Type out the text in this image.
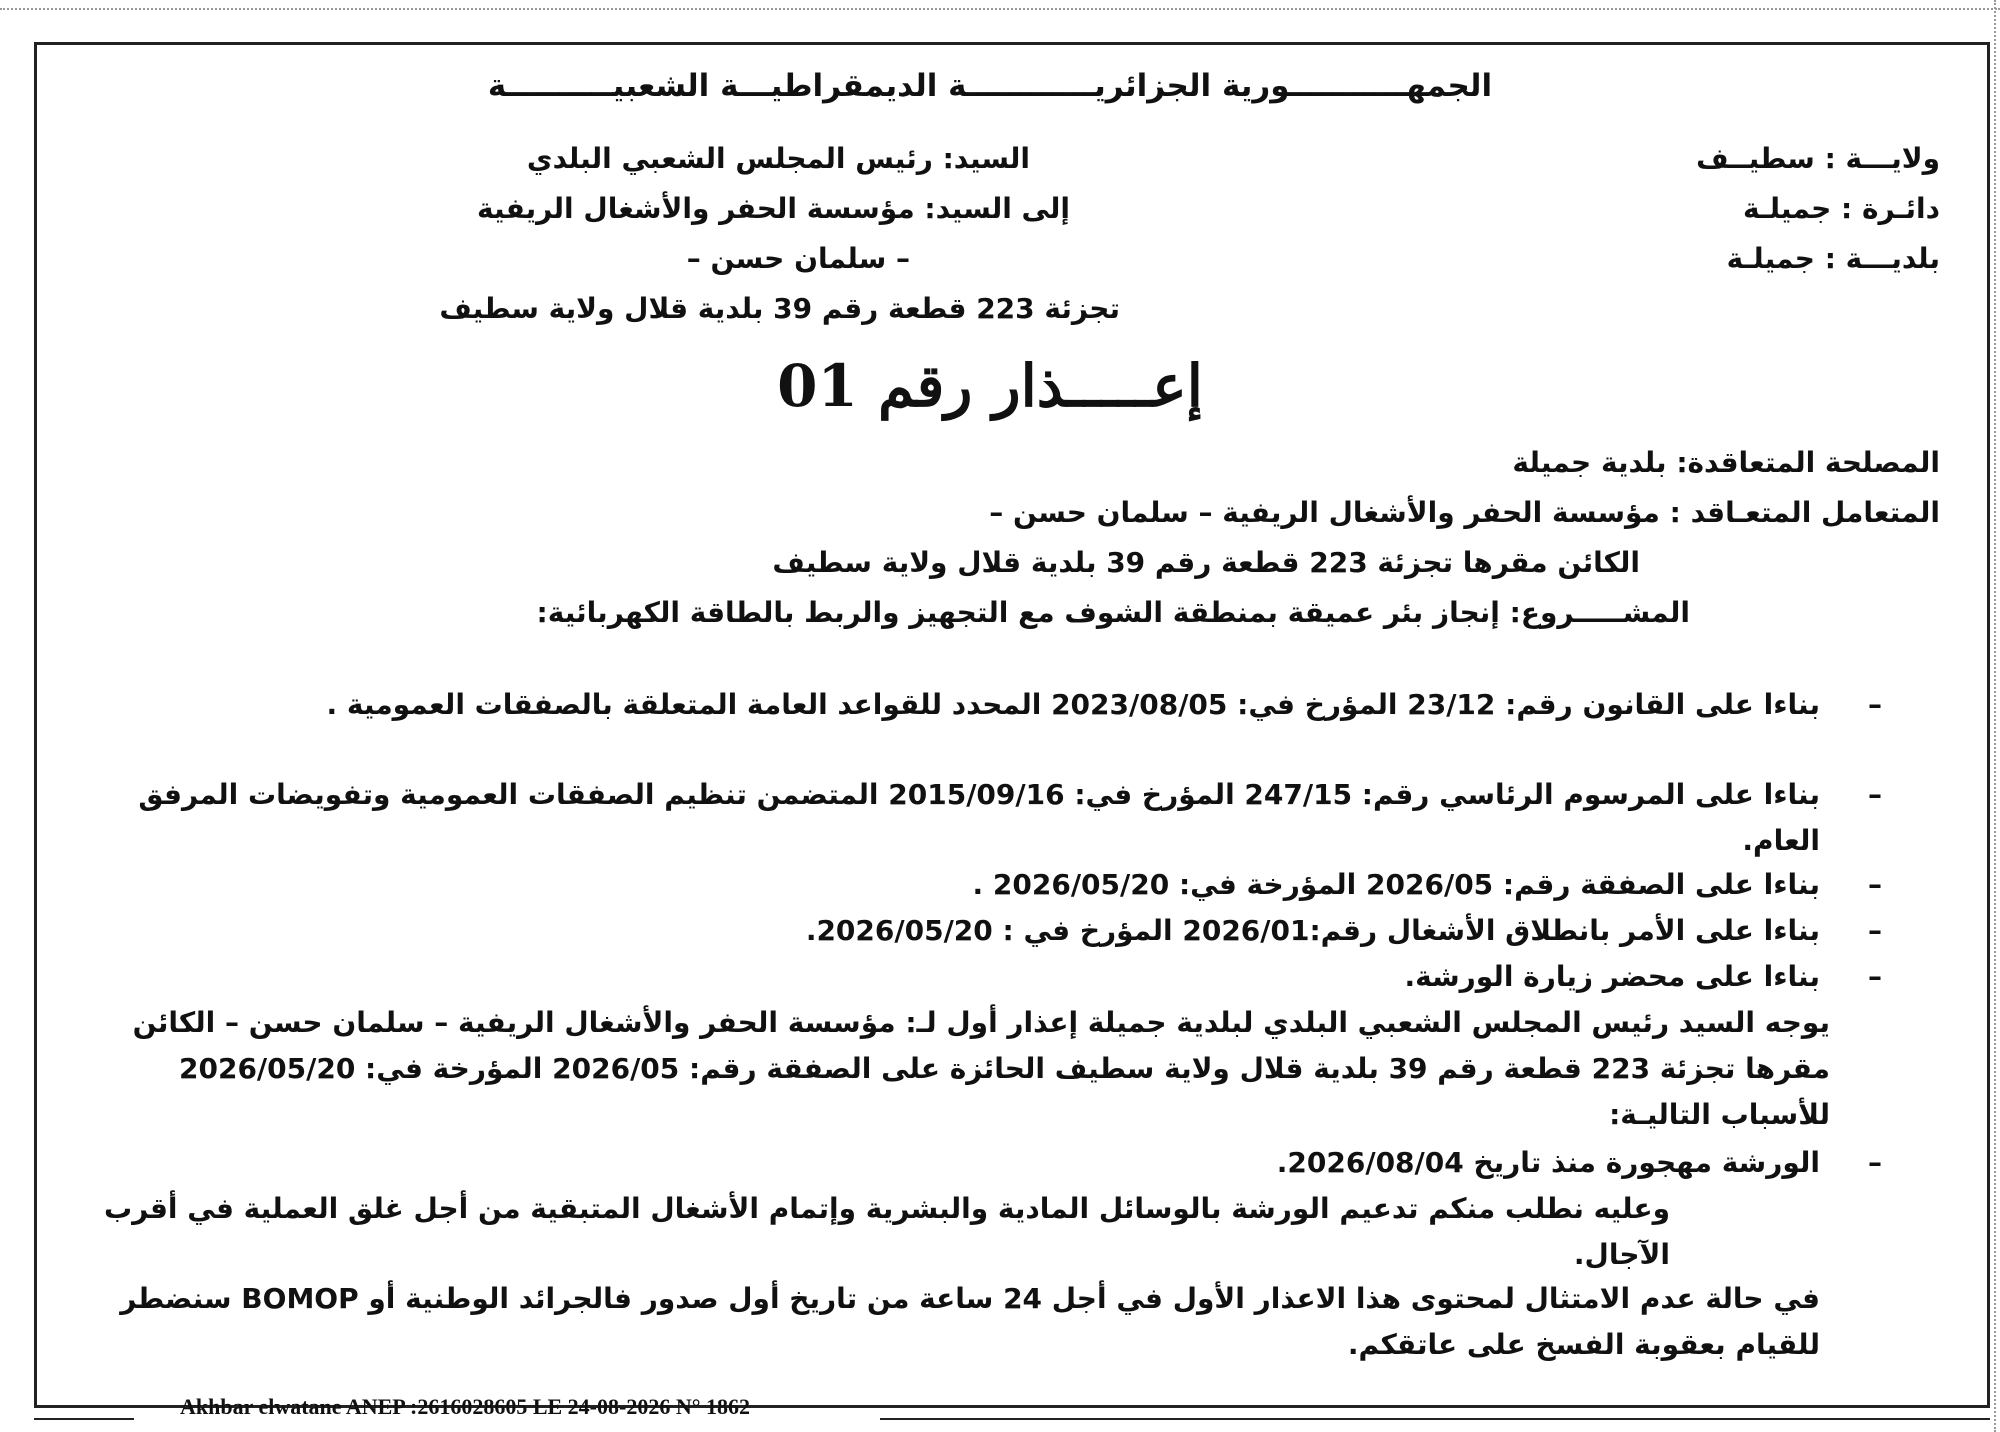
الجمهـــــــــــورية الجزائريــــــــــــة الديمقراطيـــة الشعبيــــــــــة
السيد: رئيس المجلس الشعبي البلدي
إلى السيد: مؤسسة الحفر والأشغال الريفية
– سلمان حسن –
تجزئة 223 قطعة رقم 39 بلدية قلال ولاية سطيف
ولايـــة : سطيــف
دائـرة : جميلـة
بلديـــة : جميلـة
إعـــــذار رقم 01
المصلحة المتعاقدة: بلدية جميلة
المتعامل المتعـاقد : مؤسسة الحفر والأشغال الريفية – سلمان حسن –
الكائن مقرها تجزئة 223 قطعة رقم 39 بلدية قلال ولاية سطيف
المشـــــروع: إنجاز بئر عميقة بمنطقة الشوف مع التجهيز والربط بالطاقة الكهربائية:
–
بناءا على القانون رقم: 23/12 المؤرخ في: 2023/08/05 المحدد للقواعد العامة المتعلقة بالصفقات العمومية .
–
بناءا على المرسوم الرئاسي رقم: 247/15 المؤرخ في: 2015/09/16 المتضمن تنظيم الصفقات العمومية وتفويضات المرفق العام.
–
بناءا على الصفقة رقم: 2026/05 المؤرخة في: 2026/05/20 .
–
بناءا على الأمر بانطلاق الأشغال رقم:2026/01 المؤرخ في : 2026/05/20.
–
بناءا على محضر زيارة الورشة.
يوجه السيد رئيس المجلس الشعبي البلدي لبلدية جميلة إعذار أول لـ: مؤسسة الحفر والأشغال الريفية – سلمان حسن – الكائن مقرها تجزئة 223 قطعة رقم 39 بلدية قلال ولاية سطيف الحائزة على الصفقة رقم: 2026/05 المؤرخة في: 2026/05/20 للأسباب التاليـة:
–
الورشة مهجورة منذ تاريخ 2026/08/04.
وعليه نطلب منكم تدعيم الورشة بالوسائل المادية والبشرية وإتمام الأشغال المتبقية من أجل غلق العملية في أقرب الآجال.
في حالة عدم الامتثال لمحتوى هذا الاعذار الأول في أجل 24 ساعة من تاريخ أول صدور فالجرائد الوطنية أو BOMOP سنضطر للقيام بعقوبة الفسخ على عاتقكم.
Akhbar elwatane ANEP :2616028605 LE 24-08-2026 N° 1862
